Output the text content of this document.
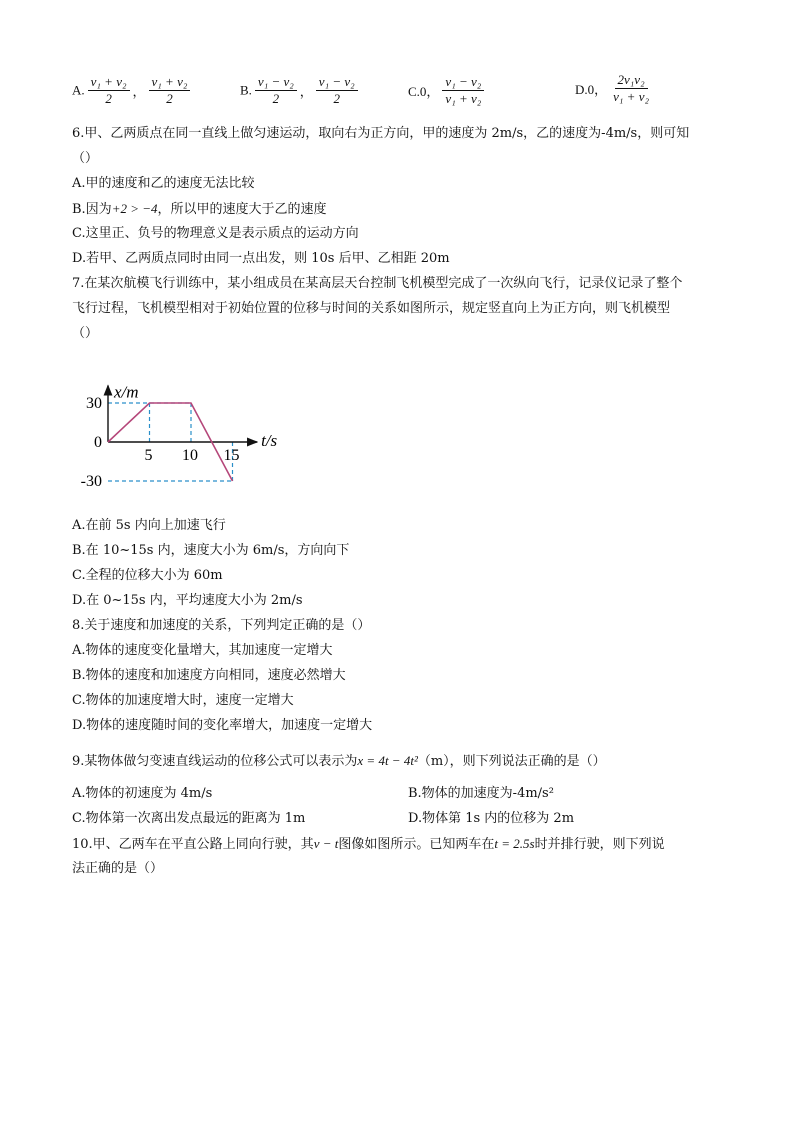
A. $\frac{\text{v₁ + v₂}}{2}$ ， $\frac{\text{v₁ + v₂}}{2}$	B. $\frac{\text{v₁ − v₂}}{2}$ ， $\frac{\text{v₁ − v₂}}{2}$	C.0， $\frac{\text{v₁ − v₂}}{\text{v₁ + v₂}}$	D.0， $\frac{\text{2v₁v₂}}{\text{v₁ + v₂}}$
6.甲、乙两质点在同一直线上做匀速运动，取向右为正方向，甲的速度为 2m/s，乙的速度为-4m/s，则可知
（）
A.甲的速度和乙的速度无法比较
B.因为+2 > −4，所以甲的速度大于乙的速度
C.这里正、负号的物理意义是表示质点的运动方向
D.若甲、乙两质点同时由同一点出发，则 10s 后甲、乙相距 20m
7.在某次航模飞行训练中，某小组成员在某高层天台控制飞机模型完成了一次纵向飞行，记录仪记录了整个
飞行过程，飞机模型相对于初始位置的位移与时间的关系如图所示，规定竖直向上为正方向，则飞机模型
（）
x/m
t/s
30
0
-30
5 10 15
A.在前 5s 内向上加速飞行
B.在 10~15s 内，速度大小为 6m/s，方向向下
C.全程的位移大小为 60m
D.在 0~15s 内，平均速度大小为 2m/s
8.关于速度和加速度的关系，下列判定正确的是（）
A.物体的速度变化量增大，其加速度一定增大
B.物体的速度和加速度方向相同，速度必然增大
C.物体的加速度增大时，速度一定增大
D.物体的速度随时间的变化率增大，加速度一定增大
9.某物体做匀变速直线运动的位移公式可以表示为x = 4t − 4t²（m），则下列说法正确的是（）
A.物体的初速度为 4m/s	B.物体的加速度为-4m/s²
C.物体第一次离出发点最远的距离为 1m	D.物体第 1s 内的位移为 2m
10.甲、乙两车在平直公路上同向行驶，其v − t图像如图所示。已知两车在t = 2.5s时并排行驶，则下列说
法正确的是（）
